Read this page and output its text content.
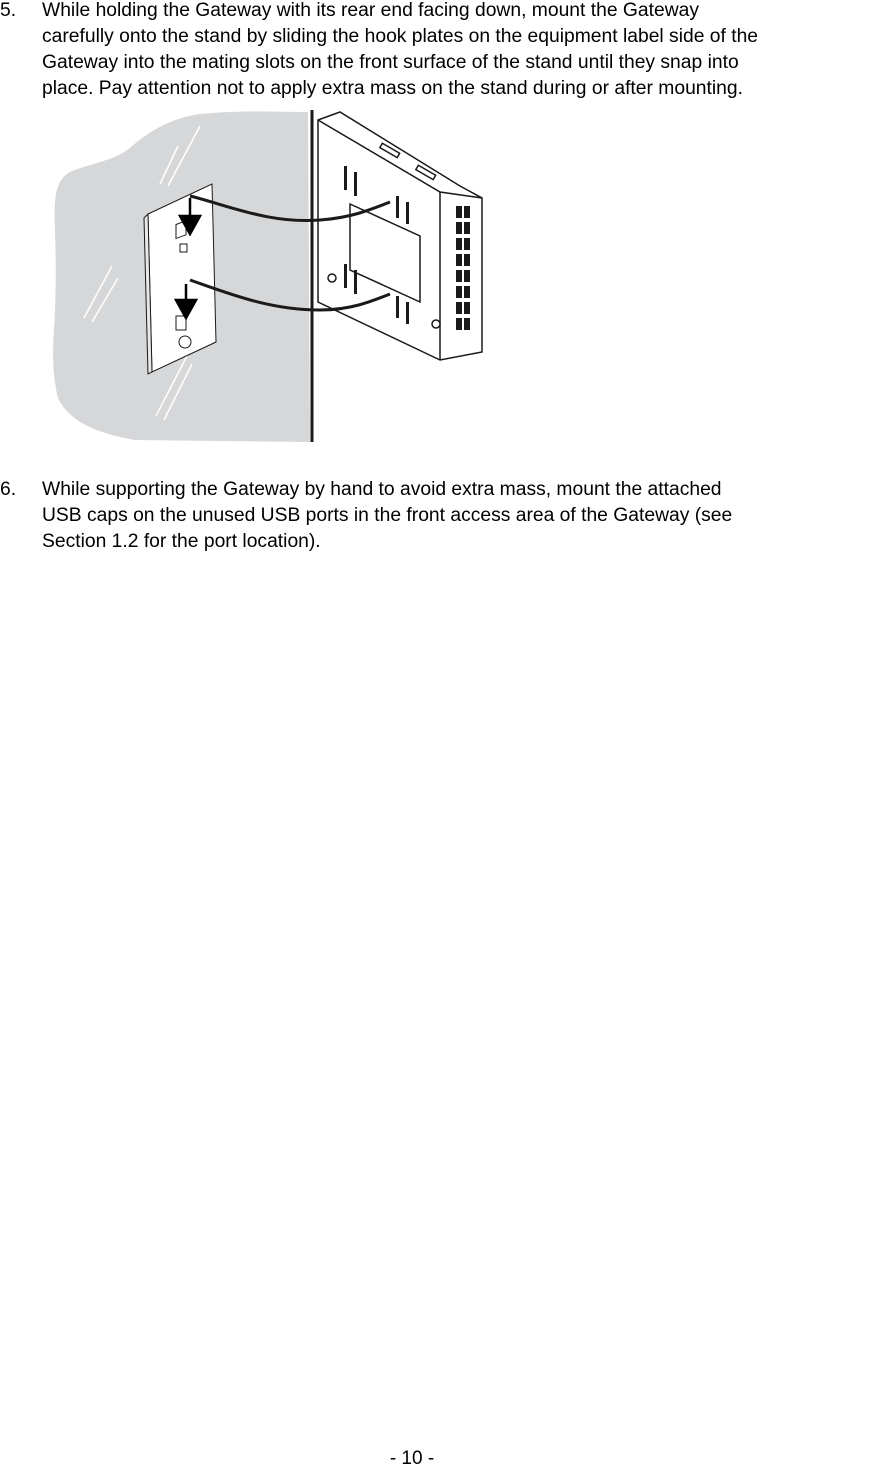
5. While holding the Gateway with its rear end facing down, mount the Gateway
carefully onto the stand by sliding the hook plates on the equipment label side of the
Gateway into the mating slots on the front surface of the stand until they snap into
place. Pay attention not to apply extra mass on the stand during or after mounting.
6. While supporting the Gateway by hand to avoid extra mass, mount the attached
USB caps on the unused USB ports in the front access area of the Gateway (see
Section 1.2 for the port location).
- 10 -
